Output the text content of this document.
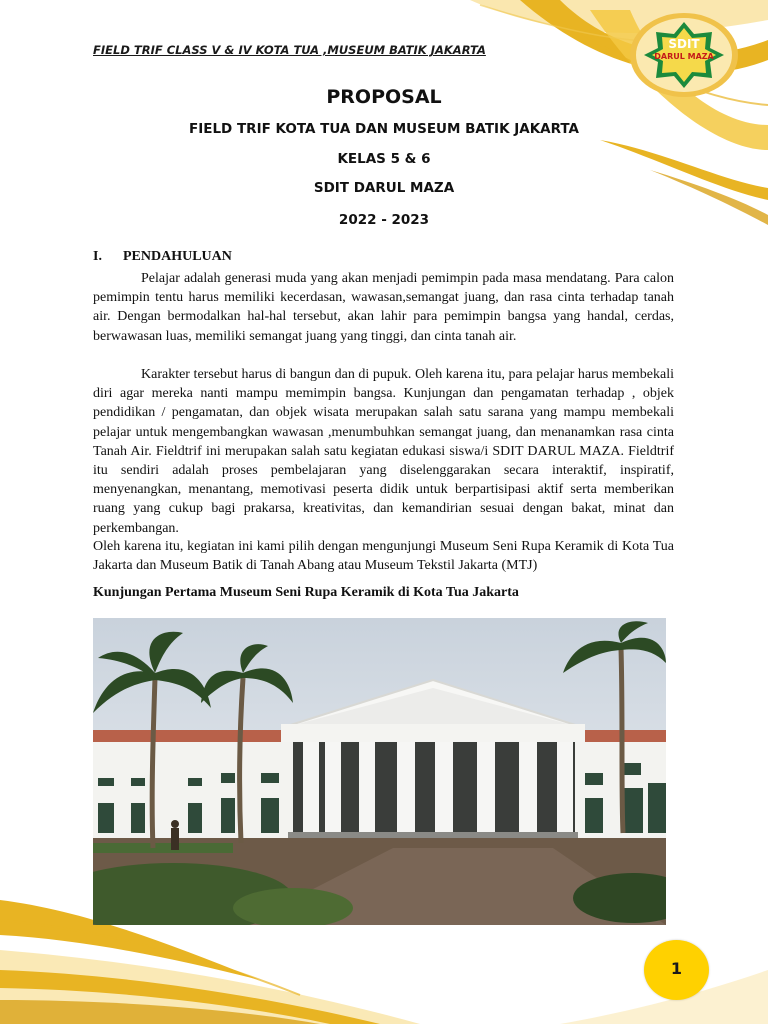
FIELD TRIF CLASS V & IV KOTA TUA ,MUSEUM BATIK JAKARTA	SDIT
DARUL MAZA
PROPOSAL
FIELD TRIF KOTA TUA DAN MUSEUM BATIK JAKARTA
KELAS 5 & 6
SDIT DARUL MAZA
2022 - 2023
I. PENDAHULUAN
Pelajar adalah generasi muda yang akan menjadi pemimpin pada masa mendatang. Para calon pemimpin tentu harus memiliki kecerdasan, wawasan,semangat juang, dan rasa cinta terhadap tanah air. Dengan bermodalkan hal-hal tersebut, akan lahir para pemimpin bangsa yang handal, cerdas, berwawasan luas, memiliki semangat juang yang tinggi, dan cinta tanah air.
Karakter tersebut harus di bangun dan di pupuk. Oleh karena itu, para pelajar harus membekali diri agar mereka nanti mampu memimpin bangsa. Kunjungan dan pengamatan terhadap , objek pendidikan / pengamatan, dan objek wisata merupakan salah satu sarana yang mampu membekali pelajar untuk mengembangkan wawasan ,menumbuhkan semangat juang, dan menanamkan rasa cinta Tanah Air. Fieldtrif ini merupakan salah satu kegiatan edukasi siswa/i SDIT DARUL MAZA. Fieldtrif itu sendiri adalah proses pembelajaran yang diselenggarakan secara interaktif, inspiratif, menyenangkan, menantang, memotivasi peserta didik untuk berpartisipasi aktif serta memberikan ruang yang cukup bagi prakarsa, kreativitas, dan kemandirian sesuai dengan bakat, minat dan perkembangan.
Oleh karena itu, kegiatan ini kami pilih dengan mengunjungi Museum Seni Rupa Keramik di Kota Tua Jakarta dan Museum Batik di Tanah Abang atau Museum Tekstil Jakarta (MTJ)
Kunjungan Pertama Museum Seni Rupa Keramik di Kota Tua Jakarta
1
